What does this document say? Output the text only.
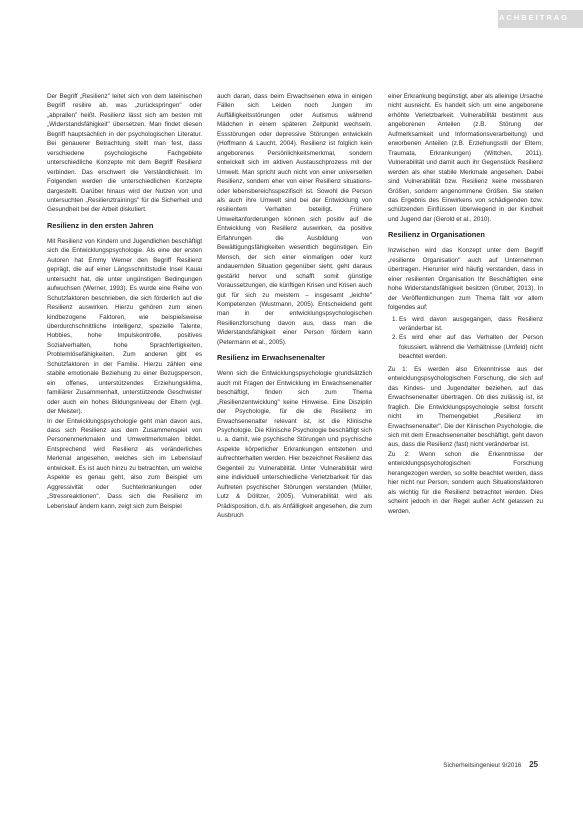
FACHBEITRAG

Der Begriff „Resilienz" leitet sich von dem lateinischen Begriff resilire ab, was „zurückspringen" oder „abprallen" heißt. Resilienz lässt sich am besten mit „Widerstandsfähigkeit" übersetzen. Man findet diesen Begriff hauptsächlich in der psychologischen Literatur. Bei genauerer Betrachtung stellt man fest, dass verschiedene psychologische Fachgebiete unterschiedliche Konzepte mit dem Begriff Resilienz verbinden. Das erschwert die Verständlichkeit. Im Folgenden werden die unterschiedlichen Konzepte dargestellt. Darüber hinaus wird der Nutzen von und untersuchten „Resilienztrainings" für die Sicherheit und Gesundheit bei der Arbeit diskutiert.

Resilienz in den ersten Jahren

Mit Resilienz von Kindern und Jugendlichen beschäftigt sich die Entwicklungspsychologie. Als eine der ersten Autoren hat Emmy Werner den Begriff Resilienz geprägt, die auf einer Längsschnittstudie Insel Kauai untersucht hat, die unter ungünstigen Bedingungen aufwuchsen (Werner, 1993). Es wurde eine Reihe von Schutzfaktoren beschrieben, die sich förderlich auf die Resilienz auswirken. Hierzu gehören zum einen kindbezogene Faktoren, wie beispielsweise überdurchschnittliche Intelligenz, spezielle Talente, Hobbies, hohe Impulskontrolle, positives Sozialverhalten, hohe Sprachfertigkeiten, Problemlösefähigkeiten. Zum anderen gibt es Schutzfaktoren in der Familie. Hierzu zählen eine stabile emotionale Beziehung zu einer Bezugsperson, ein offenes, unterstützendes Erziehungsklima, familiärer Zusammenhalt, unterstützende Geschwister oder auch ein hohes Bildungsniveau der Eltern (vgl. der Meister).

In der Entwicklungspsychologie geht man davon aus, dass sich Resilienz aus dem Zusammenspiel von Personenmerkmalen und Umweltmerkmalen bildet. Entsprechend wird Resilienz als veränderliches Merkmal angesehen, welches sich im Lebenslauf entwickelt. Es ist auch hinzu zu betrachten, um welche Aspekte es genau geht, also zum Beispiel um Aggressivität oder Suchterkrankungen oder „Stressreaktionen". Dass sich die Resilienz im Lebenslauf ändern kann, zeigt sich zum Beispiel

auch daran, dass beim Erwachsenen etwa in einigen Fällen sich Leiden noch Jungen im Auffälligkeitsstörungen oder Autismus während Mädchen in einem späteren Zeitpunkt wechseln. Essstörungen oder depressive Störungen entwickeln (Hoffmann & Laucht, 2004). Resilienz ist folglich kein angeborenes Persönlichkeitsmerkmal, sondern entwickelt sich im aktiven Austauschprozess mit der Umwelt. Man spricht auch nicht von einer universellen Resilienz, sondern eher von einer Resilienz situations- oder lebensbereichsspezifisch ist. Sowohl die Person als auch ihre Umwelt sind bei der Entwicklung von resilientem Verhalten beteiligt. Frühere Umweltanforderungen können sich positiv auf die Entwicklung von Resilienz auswirken, da positive Erfahrungen die Ausbildung von Bewältigungsfähigkeiten wesentlich begünstigen. Ein Mensch, der sich einer einmaligen oder kurz andauernden Situation gegenüber sieht, geht daraus gestärkt hervor und schafft somit günstige Voraussetzungen, die künftigen Krisen und Krisen auch gut für sich zu meistern – insgesamt „leichte" Kompetenzen (Wustmann, 2005). Entscheidend geht man in der entwicklungspsychologischen Resilienzforschung davon aus, dass man die Widerstandsfähigkeit einer Person fördern kann (Petermann et al., 2005).

Resilienz im Erwachsenenalter

Wenn sich die Entwicklungspsychologie grundsätzlich auch mit Fragen der Entwicklung im Erwachsenenalter beschäftigt, finden sich zum Thema „Resilienzentwicklung" keine Hinweise. Eine Disziplin der Psychologie, für die die Resilienz im Erwachsenenalter relevant ist, ist die Klinische Psychologie. Die Klinische Psychologie beschäftigt sich u. a. damit, wie psychische Störungen und psychische Aspekte körperlicher Erkrankungen entstehen und aufrechterhalten werden. Hier bezeichnet Resilienz das Gegenteil zu Vulnerabilität. Unter Vulnerabilität wird eine individuell unterschiedliche Verletzbarkeit für das Auftreten psychischer Störungen verstanden (Müller, Lutz & Dölitzer, 2005). Vulnerabilität wird als Prädisposition, d.h. als Anfälligkeit angesehen, die zum Ausbruch

einer Erkrankung begünstigt, aber als alleinige Ursache nicht ausreicht. Es handelt sich um eine angeborene erhöhte Verletzbarkeit. Vulnerabilität bestimmt aus angeborenen Anteilen (z.B. Störung der Aufmerksamkeit und Informationsverarbeitung) und erworbenen Anteilen (z.B. Erziehungsstil der Eltern, Traumata, Erkrankungen) (Wittchen, 2011). Vulnerabilität und damit auch ihr Gegenstück Resilienz werden als eher stabile Merkmale angesehen. Dabei sind Vulnerabilität bzw. Resilienz keine messbaren Größen, sondern angenommene Größen. Sie stellen das Ergebnis des Einwirkens von schädigenden bzw. schützenden Einflüssen überwiegend in der Kindheit und Jugend dar (Gerold et al., 2010).

Resilienz in Organisationen

Inzwischen wird das Konzept unter dem Begriff „resiliente Organisation" auch auf Unternehmen übertragen. Hierunter wird häufig verstanden, dass in einer resilienten Organisation Ihr Beschäftigten eine hohe Widerstandsfähigkeit besitzen (Gruber, 2013). In der Veröffentlichungen zum Thema fällt vor allem folgendes auf:

1. Es wird davon ausgegangen, dass Resilienz veränderbar ist.
2. Es wird eher auf das Verhalten der Person fokussiert, während die Verhältnisse (Umfeld) nicht beachtet werden.

Zu 1: Es werden also Erkenntnisse aus der entwicklungspsychologischen Forschung, die sich auf das Kindes- und Jugendalter beziehen, auf das Erwachsenenalter übertragen. Ob dies zulässig ist, ist fraglich. Die Entwicklungspsychologie selbst forscht nicht im Themengebiet „Resilienz im Erwachsenenalter". Die der Klinischen Psychologie, die sich mit dem Erwachsenenalter beschäftigt, geht davon aus, dass die Resilienz (fast) nicht veränderbar ist.

Zu 2: Wenn schon die Erkenntnisse der entwicklungspsychologischen Forschung herangezogen werden, so sollte beachtet werden, dass hier nicht nur Person, sondern auch Situationsfaktoren als wichtig für die Resilienz betrachtet werden. Dies scheint jedoch in der Regel außer Acht gelassen zu werden.

Sicherheitsingenieur 9/2016 25
